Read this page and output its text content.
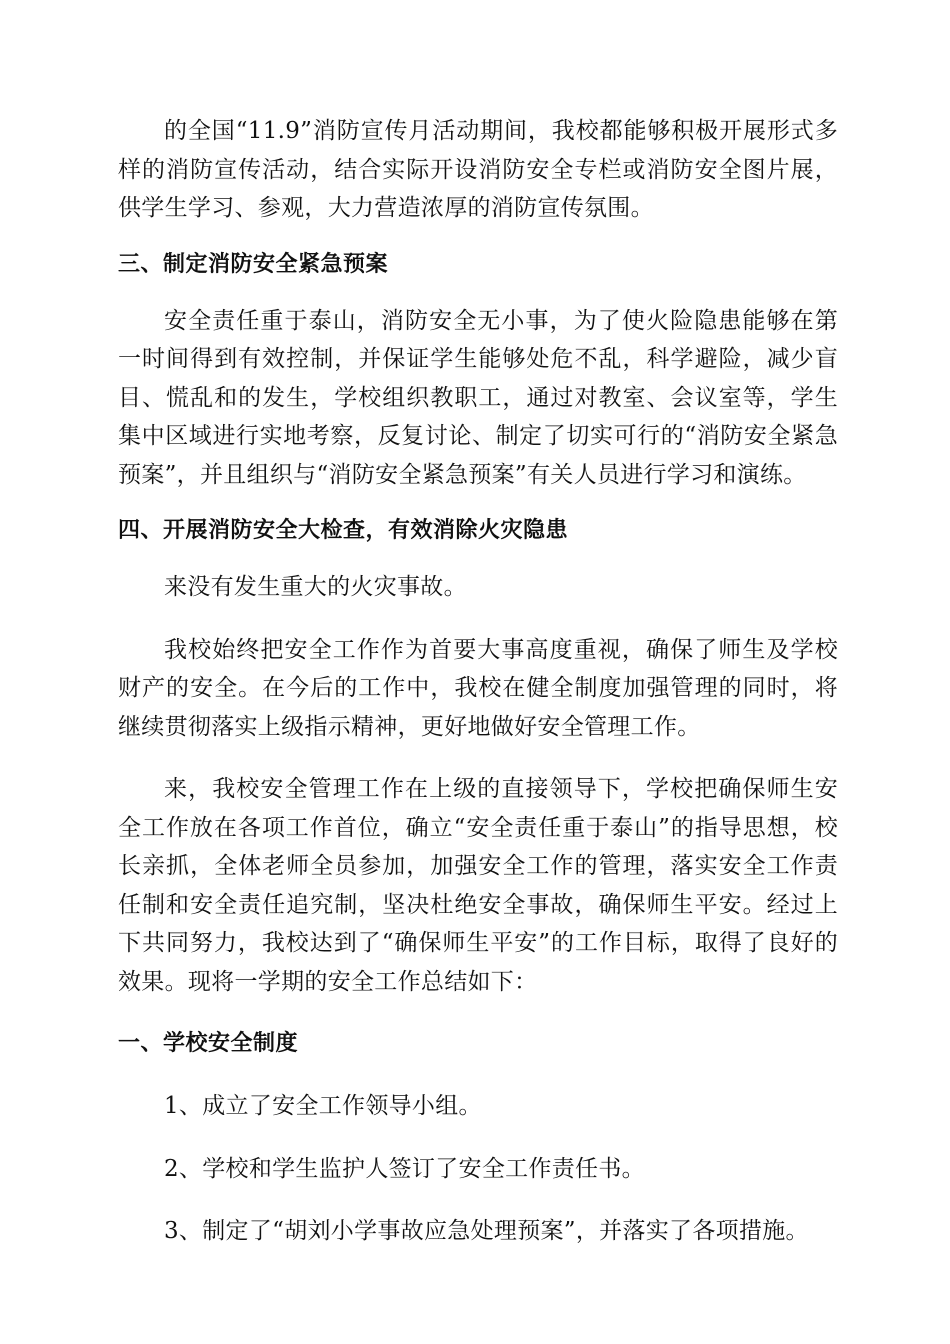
的全国“11.9”消防宣传月活动期间，我校都能够积极开展形式多样的消防宣传活动，结合实际开设消防安全专栏或消防安全图片展，供学生学习、参观，大力营造浓厚的消防宣传氛围。

三、制定消防安全紧急预案

安全责任重于泰山，消防安全无小事，为了使火险隐患能够在第一时间得到有效控制，并保证学生能够处危不乱，科学避险，减少盲目、慌乱和的发生，学校组织教职工，通过对教室、会议室等，学生集中区域进行实地考察，反复讨论、制定了切实可行的“消防安全紧急预案”，并且组织与“消防安全紧急预案”有关人员进行学习和演练。

四、开展消防安全大检查，有效消除火灾隐患

来没有发生重大的火灾事故。

我校始终把安全工作作为首要大事高度重视，确保了师生及学校财产的安全。在今后的工作中，我校在健全制度加强管理的同时，将继续贯彻落实上级指示精神，更好地做好安全管理工作。

来，我校安全管理工作在上级的直接领导下，学校把确保师生安全工作放在各项工作首位，确立“安全责任重于泰山”的指导思想，校长亲抓，全体老师全员参加，加强安全工作的管理，落实安全工作责任制和安全责任追究制，坚决杜绝安全事故，确保师生平安。经过上下共同努力，我校达到了“确保师生平安”的工作目标，取得了良好的效果。现将一学期的安全工作总结如下：

一、学校安全制度

1、成立了安全工作领导小组。

2、学校和学生监护人签订了安全工作责任书。

3、制定了“胡刘小学事故应急处理预案”，并落实了各项措施。
